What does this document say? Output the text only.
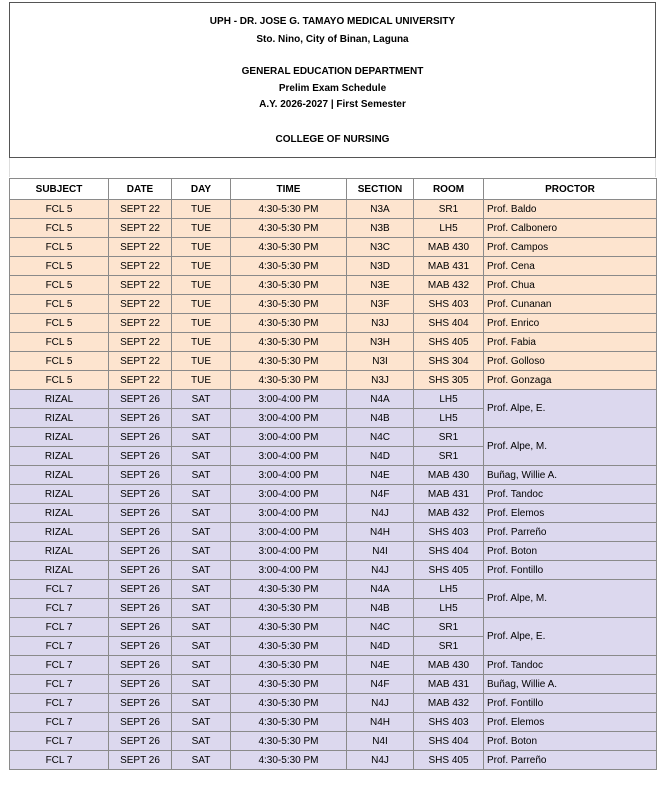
UPH - DR. JOSE G. TAMAYO MEDICAL UNIVERSITY
Sto. Nino, City of Binan, Laguna
GENERAL EDUCATION DEPARTMENT
Prelim Exam Schedule
A.Y. 2026-2027 | First Semester
COLLEGE OF NURSING
SUBJECT	DATE	DAY	TIME	SECTION	ROOM	PROCTOR
FCL 5	SEPT 22	TUE	4:30-5:30 PM	N3A	SR1	Prof. Baldo
FCL 5	SEPT 22	TUE	4:30-5:30 PM	N3B	LH5	Prof. Calbonero
FCL 5	SEPT 22	TUE	4:30-5:30 PM	N3C	MAB 430	Prof. Campos
FCL 5	SEPT 22	TUE	4:30-5:30 PM	N3D	MAB 431	Prof. Cena
FCL 5	SEPT 22	TUE	4:30-5:30 PM	N3E	MAB 432	Prof. Chua
FCL 5	SEPT 22	TUE	4:30-5:30 PM	N3F	SHS 403	Prof. Cunanan
FCL 5	SEPT 22	TUE	4:30-5:30 PM	N3J	SHS 404	Prof. Enrico
FCL 5	SEPT 22	TUE	4:30-5:30 PM	N3H	SHS 405	Prof. Fabia
FCL 5	SEPT 22	TUE	4:30-5:30 PM	N3I	SHS 304	Prof. Golloso
FCL 5	SEPT 22	TUE	4:30-5:30 PM	N3J	SHS 305	Prof. Gonzaga
RIZAL	SEPT 26	SAT	3:00-4:00 PM	N4A	LH5	Prof. Alpe, E.
RIZAL	SEPT 26	SAT	3:00-4:00 PM	N4B	LH5	
RIZAL	SEPT 26	SAT	3:00-4:00 PM	N4C	SR1	Prof. Alpe, M.
RIZAL	SEPT 26	SAT	3:00-4:00 PM	N4D	SR1	
RIZAL	SEPT 26	SAT	3:00-4:00 PM	N4E	MAB 430	Buñag, Willie A.
RIZAL	SEPT 26	SAT	3:00-4:00 PM	N4F	MAB 431	Prof. Tandoc
RIZAL	SEPT 26	SAT	3:00-4:00 PM	N4J	MAB 432	Prof. Elemos
RIZAL	SEPT 26	SAT	3:00-4:00 PM	N4H	SHS 403	Prof. Parreño
RIZAL	SEPT 26	SAT	3:00-4:00 PM	N4I	SHS 404	Prof. Boton
RIZAL	SEPT 26	SAT	3:00-4:00 PM	N4J	SHS 405	Prof. Fontillo
FCL 7	SEPT 26	SAT	4:30-5:30 PM	N4A	LH5	Prof. Alpe, M.
FCL 7	SEPT 26	SAT	4:30-5:30 PM	N4B	LH5	
FCL 7	SEPT 26	SAT	4:30-5:30 PM	N4C	SR1	Prof. Alpe, E.
FCL 7	SEPT 26	SAT	4:30-5:30 PM	N4D	SR1	
FCL 7	SEPT 26	SAT	4:30-5:30 PM	N4E	MAB 430	Prof. Tandoc
FCL 7	SEPT 26	SAT	4:30-5:30 PM	N4F	MAB 431	Buñag, Willie A.
FCL 7	SEPT 26	SAT	4:30-5:30 PM	N4J	MAB 432	Prof. Fontillo
FCL 7	SEPT 26	SAT	4:30-5:30 PM	N4H	SHS 403	Prof. Elemos
FCL 7	SEPT 26	SAT	4:30-5:30 PM	N4I	SHS 404	Prof. Boton
FCL 7	SEPT 26	SAT	4:30-5:30 PM	N4J	SHS 405	Prof. Parreño
